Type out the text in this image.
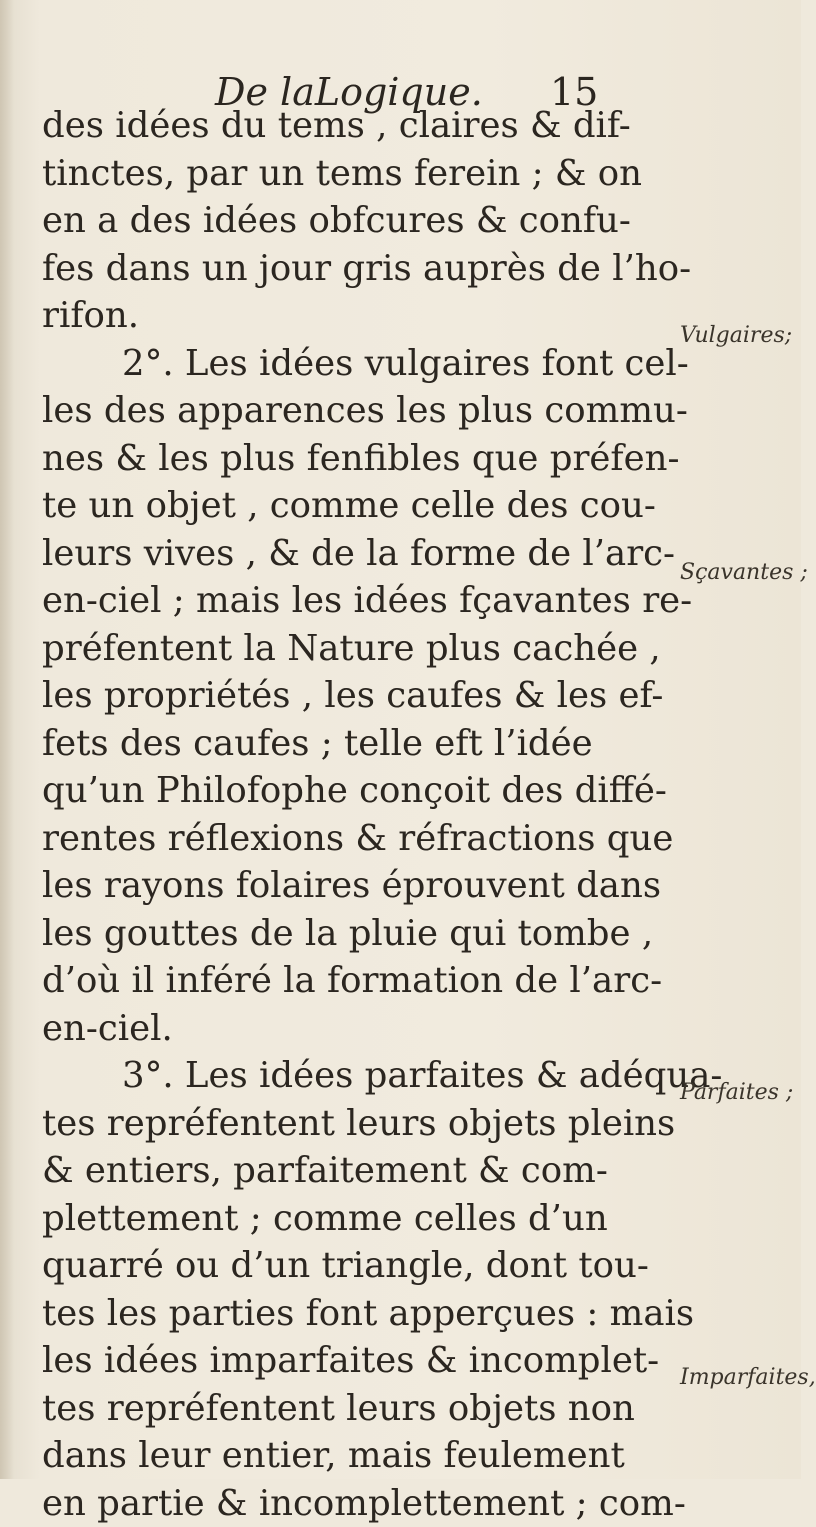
De laLogique. 15
des idées du tems , claires & dif-
tinctes, par un tems ferein ; & on
en a des idées obfcures & confu-
fes dans un jour gris auprès de l’ho-
rifon.
2°. Les idées vulgaires font cel-
les des apparences les plus commu-
nes & les plus fenfibles que préfen-
te un objet , comme celle des cou-
leurs vives , & de la forme de l’arc-
en-ciel ; mais les idées fçavantes re-
préfentent la Nature plus cachée ,
les propriétés , les caufes & les ef-
fets des caufes ; telle eft l’idée
qu’un Philofophe conçoit des diffé-
rentes réflexions & réfractions que
les rayons folaires éprouvent dans
les gouttes de la pluie qui tombe ,
d’où il inféré la formation de l’arc-
en-ciel.
3°. Les idées parfaites & adéqua-
tes repréfentent leurs objets pleins
& entiers, parfaitement & com-
plettement ; comme celles d’un
quarré ou d’un triangle, dont tou-
tes les parties font apperçues : mais
les idées imparfaites & incomplet-
tes repréfentent leurs objets non
dans leur entier, mais feulement
en partie & incomplettement ; com-
Vulgaires;
Sçavantes ;
Parfaites ;
Imparfaites,
